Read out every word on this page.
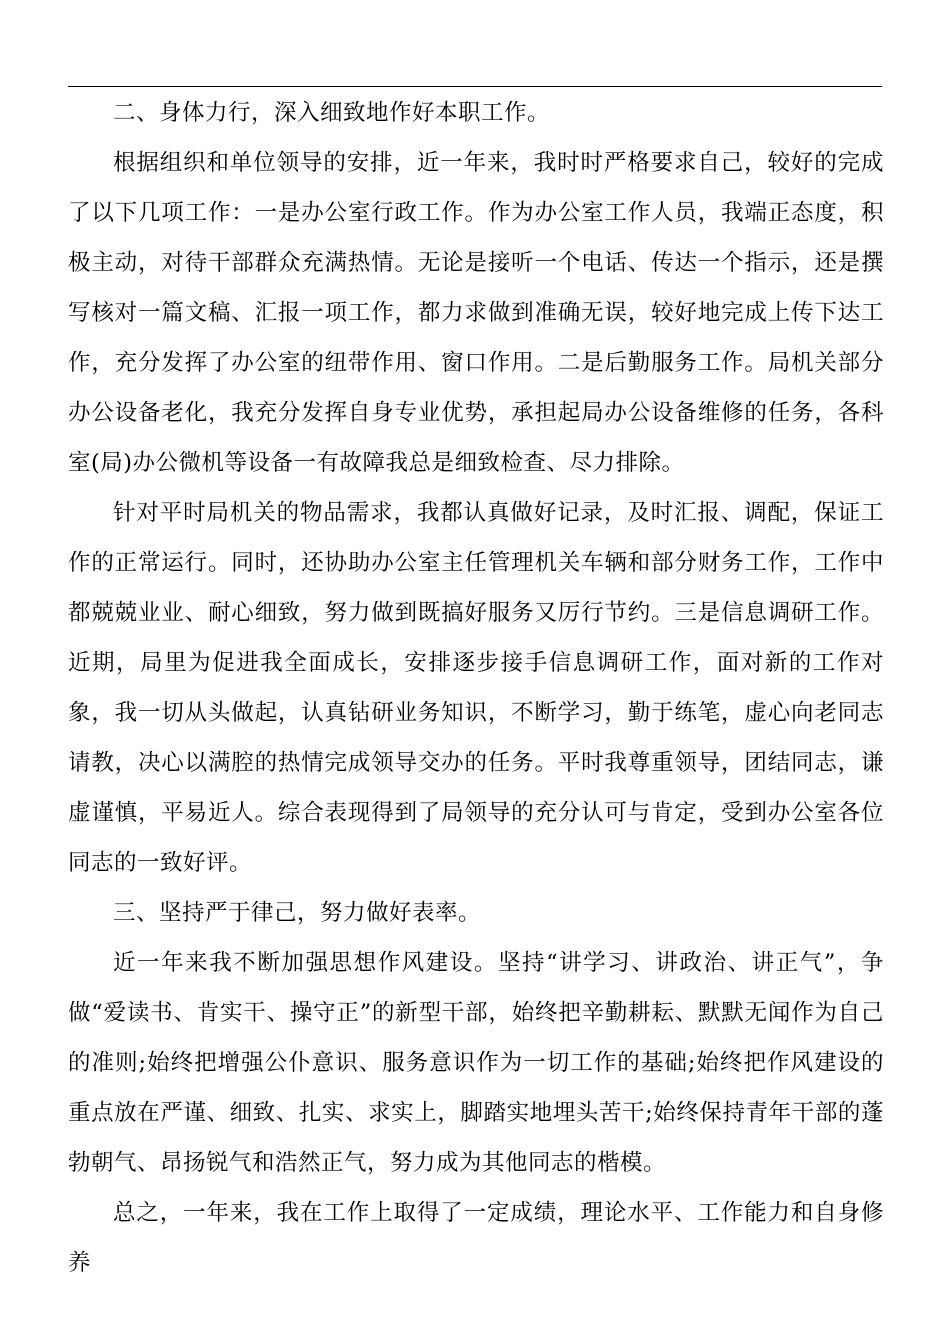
二、身体力行，深入细致地作好本职工作。

根据组织和单位领导的安排，近一年来，我时时严格要求自己，较好的完成了以下几项工作：一是办公室行政工作。作为办公室工作人员，我端正态度，积极主动，对待干部群众充满热情。无论是接听一个电话、传达一个指示，还是撰写核对一篇文稿、汇报一项工作，都力求做到准确无误，较好地完成上传下达工作，充分发挥了办公室的纽带作用、窗口作用。二是后勤服务工作。局机关部分办公设备老化，我充分发挥自身专业优势，承担起局办公设备维修的任务，各科室(局)办公微机等设备一有故障我总是细致检查、尽力排除。

针对平时局机关的物品需求，我都认真做好记录，及时汇报、调配，保证工作的正常运行。同时，还协助办公室主任管理机关车辆和部分财务工作，工作中都兢兢业业、耐心细致，努力做到既搞好服务又厉行节约。三是信息调研工作。近期，局里为促进我全面成长，安排逐步接手信息调研工作，面对新的工作对象，我一切从头做起，认真钻研业务知识，不断学习，勤于练笔，虚心向老同志请教，决心以满腔的热情完成领导交办的任务。平时我尊重领导，团结同志，谦虚谨慎，平易近人。综合表现得到了局领导的充分认可与肯定，受到办公室各位同志的一致好评。

三、坚持严于律己，努力做好表率。

近一年来我不断加强思想作风建设。坚持“讲学习、讲政治、讲正气”，争做“爱读书、肯实干、操守正”的新型干部，始终把辛勤耕耘、默默无闻作为自己的准则;始终把增强公仆意识、服务意识作为一切工作的基础;始终把作风建设的重点放在严谨、细致、扎实、求实上，脚踏实地埋头苦干;始终保持青年干部的蓬勃朝气、昂扬锐气和浩然正气，努力成为其他同志的楷模。

总之，一年来，我在工作上取得了一定成绩，理论水平、工作能力和自身修养
